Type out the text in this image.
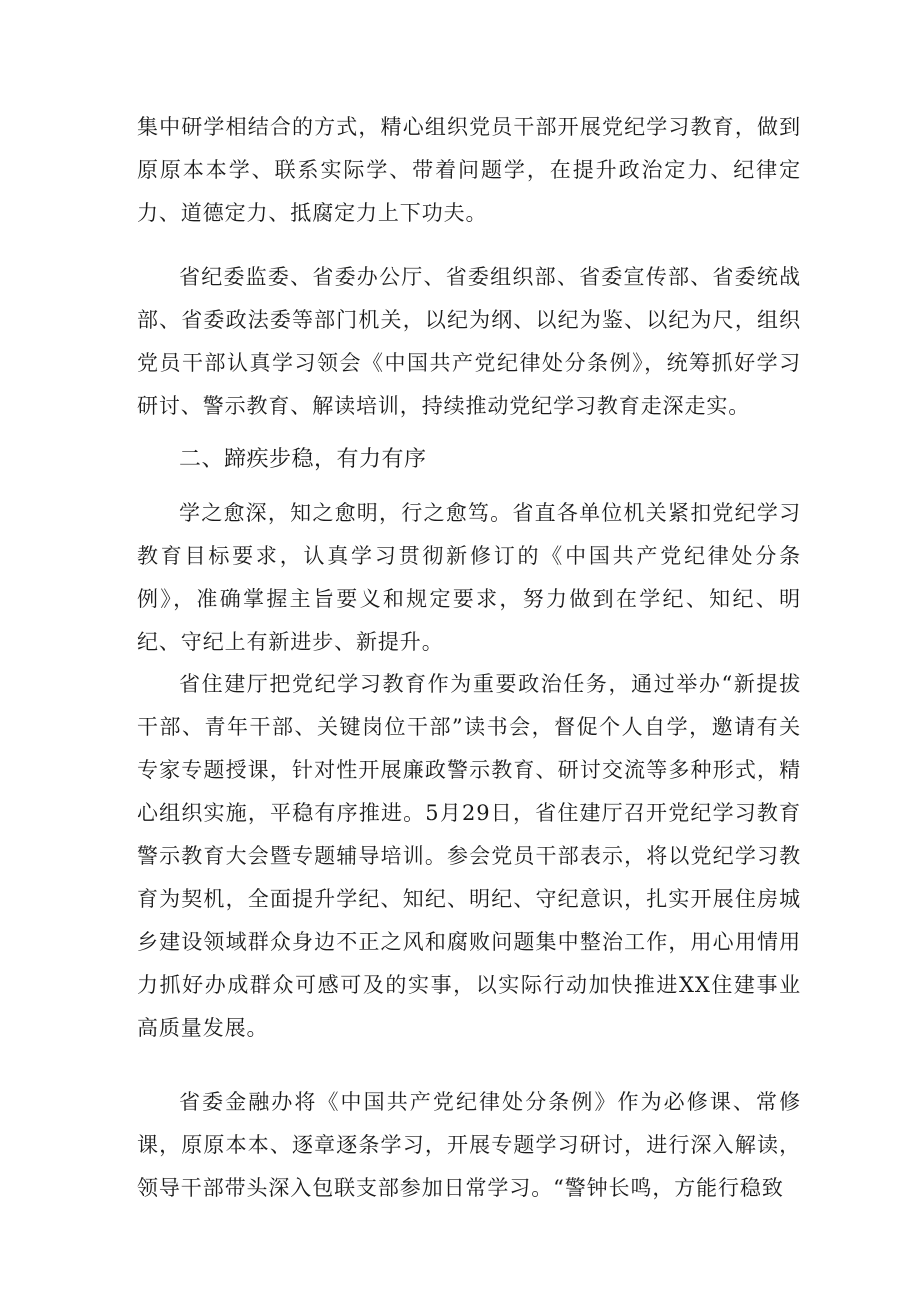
集中研学相结合的方式，精心组织党员干部开展党纪学习教育，做到原原本本学、联系实际学、带着问题学，在提升政治定力、纪律定力、道德定力、抵腐定力上下功夫。

省纪委监委、省委办公厅、省委组织部、省委宣传部、省委统战部、省委政法委等部门机关，以纪为纲、以纪为鉴、以纪为尺，组织党员干部认真学习领会《中国共产党纪律处分条例》，统筹抓好学习研讨、警示教育、解读培训，持续推动党纪学习教育走深走实。

二、蹄疾步稳，有力有序

学之愈深，知之愈明，行之愈笃。省直各单位机关紧扣党纪学习教育目标要求，认真学习贯彻新修订的《中国共产党纪律处分条例》，准确掌握主旨要义和规定要求，努力做到在学纪、知纪、明纪、守纪上有新进步、新提升。

省住建厅把党纪学习教育作为重要政治任务，通过举办“新提拔干部、青年干部、关键岗位干部”读书会，督促个人自学，邀请有关专家专题授课，针对性开展廉政警示教育、研讨交流等多种形式，精心组织实施，平稳有序推进。5月29日，省住建厅召开党纪学习教育警示教育大会暨专题辅导培训。参会党员干部表示，将以党纪学习教育为契机，全面提升学纪、知纪、明纪、守纪意识，扎实开展住房城乡建设领域群众身边不正之风和腐败问题集中整治工作，用心用情用力抓好办成群众可感可及的实事，以实际行动加快推进XX住建事业高质量发展。

省委金融办将《中国共产党纪律处分条例》作为必修课、常修课，原原本本、逐章逐条学习，开展专题学习研讨，进行深入解读，领导干部带头深入包联支部参加日常学习。“警钟长鸣，方能行稳致
